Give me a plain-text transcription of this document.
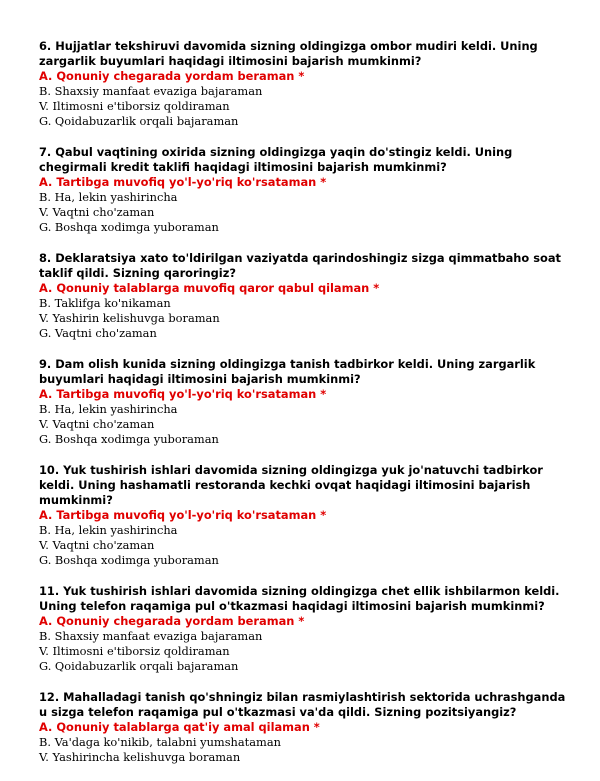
6. Hujjatlar tekshiruvi davomida sizning oldingizga ombor mudiri keldi. Uning zargarlik buyumlari haqidagi iltimosini bajarish mumkinmi?

A. Qonuniy chegarada yordam beraman *

B. Shaxsiy manfaat evaziga bajaraman

V. Iltimosni e'tiborsiz qoldiraman

G. Qoidabuzarlik orqali bajaraman

7. Qabul vaqtining oxirida sizning oldingizga yaqin do'stingiz keldi. Uning chegirmali kredit taklifi haqidagi iltimosini bajarish mumkinmi?

A. Tartibga muvofiq yo'l-yo'riq ko'rsataman *

B. Ha, lekin yashirincha

V. Vaqtni cho'zaman

G. Boshqa xodimga yuboraman

8. Deklaratsiya xato to'ldirilgan vaziyatda qarindoshingiz sizga qimmatbaho soat taklif qildi. Sizning qaroringiz?

A. Qonuniy talablarga muvofiq qaror qabul qilaman *

B. Taklifga ko'nikaman

V. Yashirin kelishuvga boraman

G. Vaqtni cho'zaman

9. Dam olish kunida sizning oldingizga tanish tadbirkor keldi. Uning zargarlik buyumlari haqidagi iltimosini bajarish mumkinmi?

A. Tartibga muvofiq yo'l-yo'riq ko'rsataman *

B. Ha, lekin yashirincha

V. Vaqtni cho'zaman

G. Boshqa xodimga yuboraman

10. Yuk tushirish ishlari davomida sizning oldingizga yuk jo'natuvchi tadbirkor keldi. Uning hashamatli restoranda kechki ovqat haqidagi iltimosini bajarish mumkinmi?

A. Tartibga muvofiq yo'l-yo'riq ko'rsataman *

B. Ha, lekin yashirincha

V. Vaqtni cho'zaman

G. Boshqa xodimga yuboraman

11. Yuk tushirish ishlari davomida sizning oldingizga chet ellik ishbilarmon keldi. Uning telefon raqamiga pul o'tkazmasi haqidagi iltimosini bajarish mumkinmi?

A. Qonuniy chegarada yordam beraman *

B. Shaxsiy manfaat evaziga bajaraman

V. Iltimosni e'tiborsiz qoldiraman

G. Qoidabuzarlik orqali bajaraman

12. Mahalladagi tanish qo'shningiz bilan rasmiylashtirish sektorida uchrashganda u sizga telefon raqamiga pul o'tkazmasi va'da qildi. Sizning pozitsiyangiz?

A. Qonuniy talablarga qat'iy amal qilaman *

B. Va'daga ko'nikib, talabni yumshataman

V. Yashirincha kelishuvga boraman
